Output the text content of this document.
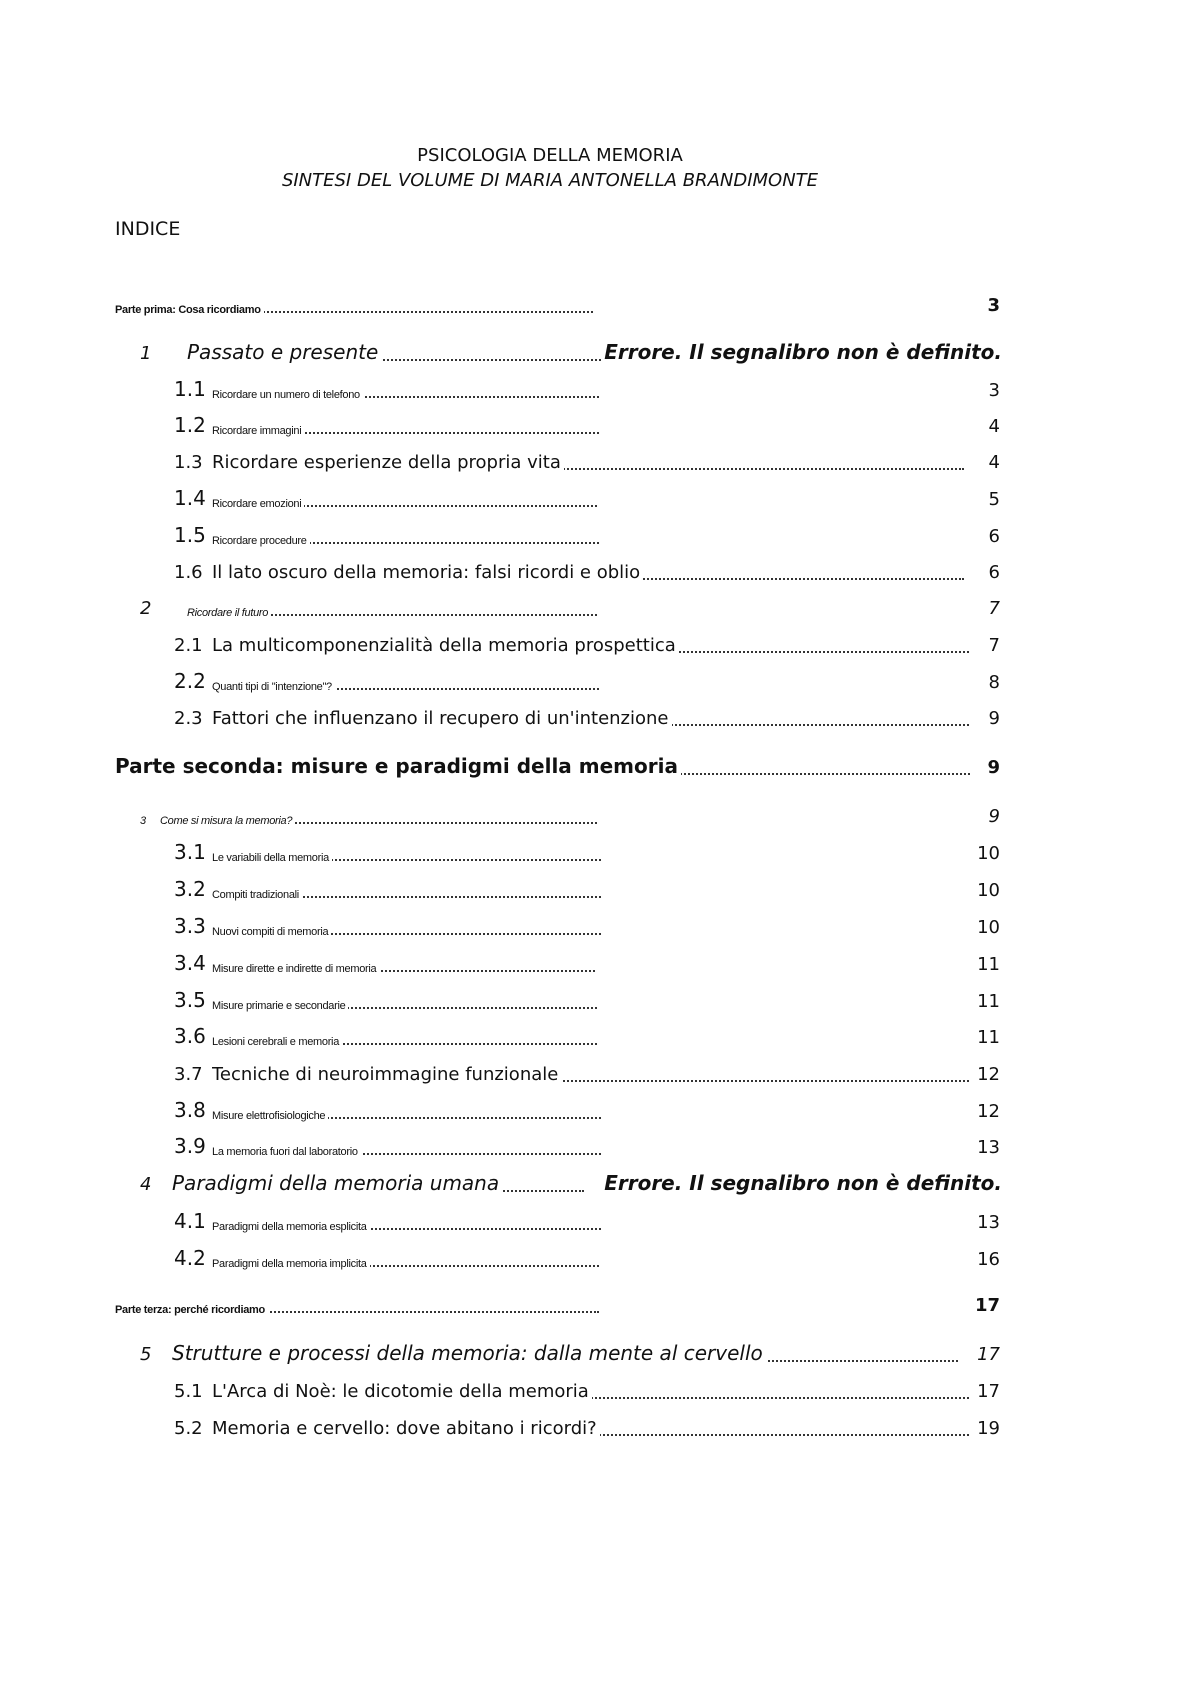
PSICOLOGIA DELLA MEMORIA
SINTESI DEL VOLUME DI MARIA ANTONELLA BRANDIMONTE
INDICE
Parte prima: Cosa ricordiamo	3
1 Passato e presente	Errore. Il segnalibro non è definito.
1.1 Ricordare un numero di telefono	3
1.2 Ricordare immagini	4
1.3 Ricordare esperienze della propria vita	4
1.4 Ricordare emozioni	5
1.5 Ricordare procedure	6
1.6 Il lato oscuro della memoria: falsi ricordi e oblio	6
2	Ricordare il futuro	7
2.1 La multicomponenzialità della memoria prospettica	7
2.2 Quanti tipi di "intenzione"?	8
2.3 Fattori che influenzano il recupero di un'intenzione	9
Parte seconda: misure e paradigmi della memoria	9
3 Come si misura la memoria?	9
3.1 Le variabili della memoria	10
3.2 Compiti tradizionali	10
3.3 Nuovi compiti di memoria	10
3.4 Misure dirette e indirette di memoria	11
3.5 Misure primarie e secondarie	11
3.6 Lesioni cerebrali e memoria	11
3.7 Tecniche di neuroimmagine funzionale	12
3.8 Misure elettrofisiologiche	12
3.9 La memoria fuori dal laboratorio	13
4 Paradigmi della memoria umana	Errore. Il segnalibro non è definito.
4.1 Paradigmi della memoria esplicita	13
4.2 Paradigmi della memoria implicita	16
Parte terza: perché ricordiamo	17
5 Strutture e processi della memoria: dalla mente al cervello	17
5.1 L'Arca di Noè: le dicotomie della memoria	17
5.2 Memoria e cervello: dove abitano i ricordi?	19
